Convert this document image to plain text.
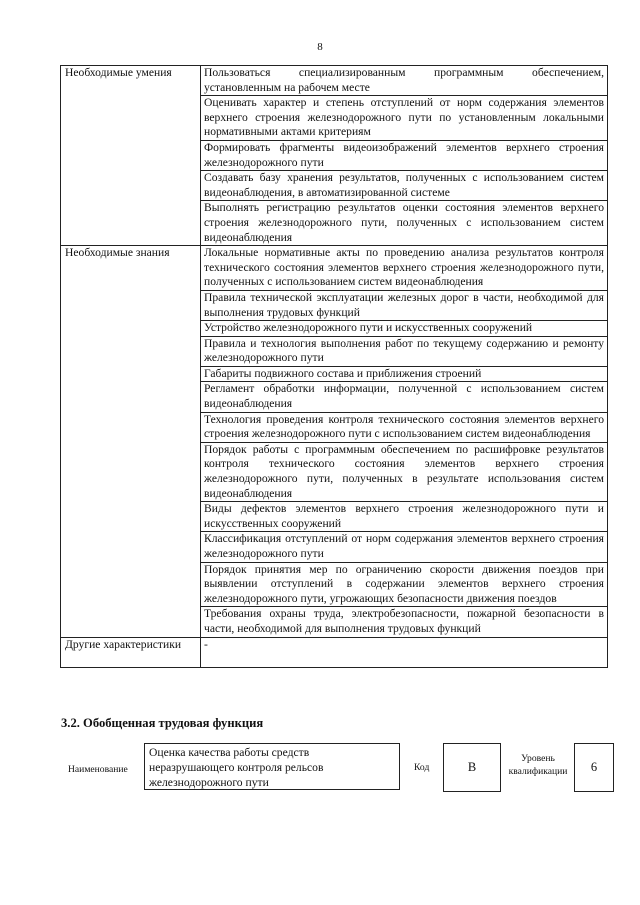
8
Необходимые умения	Пользоваться специализированным программным обеспечением, установленным на рабочем месте
	Оценивать характер и степень отступлений от норм содержания элементов верхнего строения железнодорожного пути по установленным локальными нормативными актами критериям
	Формировать фрагменты видеоизображений элементов верхнего строения железнодорожного пути
	Создавать базу хранения результатов, полученных с использованием систем видеонаблюдения, в автоматизированной системе
	Выполнять регистрацию результатов оценки состояния элементов верхнего строения железнодорожного пути, полученных с использованием систем видеонаблюдения
Необходимые знания	Локальные нормативные акты по проведению анализа результатов контроля технического состояния элементов верхнего строения железнодорожного пути, полученных с использованием систем видеонаблюдения
	Правила технической эксплуатации железных дорог в части, необходимой для выполнения трудовых функций
	Устройство железнодорожного пути и искусственных сооружений
	Правила и технология выполнения работ по текущему содержанию и ремонту железнодорожного пути
	Габариты подвижного состава и приближения строений
	Регламент обработки информации, полученной с использованием систем видеонаблюдения
	Технология проведения контроля технического состояния элементов верхнего строения железнодорожного пути с использованием систем видеонаблюдения
	Порядок работы с программным обеспечением по расшифровке результатов контроля технического состояния элементов верхнего строения железнодорожного пути, полученных в результате использования систем видеонаблюдения
	Виды дефектов элементов верхнего строения железнодорожного пути и искусственных сооружений
	Классификация отступлений от норм содержания элементов верхнего строения железнодорожного пути
	Порядок принятия мер по ограничению скорости движения поездов при выявлении отступлений в содержании элементов верхнего строения железнодорожного пути, угрожающих безопасности движения поездов
	Требования охраны труда, электробезопасности, пожарной безопасности в части, необходимой для выполнения трудовых функций
Другие характеристики	-
3.2. Обобщенная трудовая функция
Наименование
Оценка качества работы средств неразрушающего контроля рельсов железнодорожного пути
Код	B
Уровень квалификации	6
